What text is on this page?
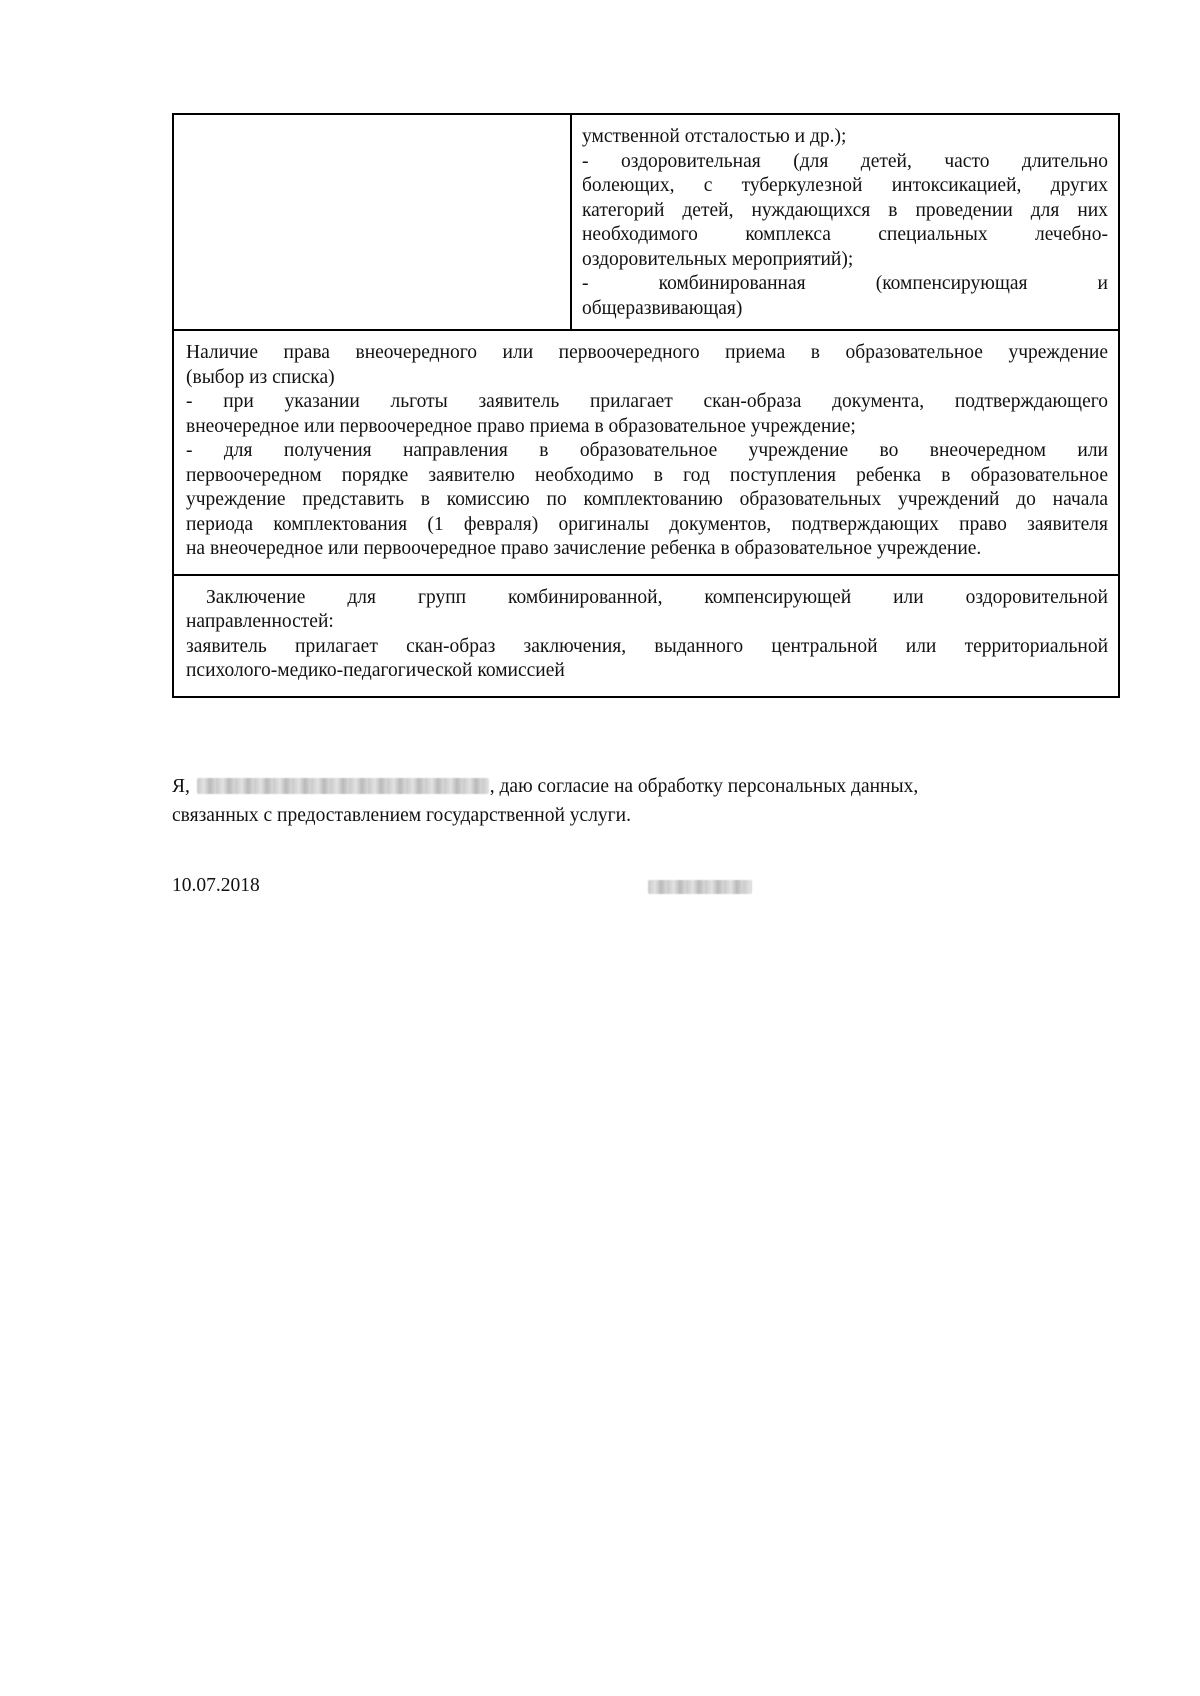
умственной отсталостью и др.);
- оздоровительная (для детей, часто длительно
болеющих, с туберкулезной интоксикацией, других
категорий детей, нуждающихся в проведении для них
необходимого комплекса специальных лечебно-
оздоровительных мероприятий);
- комбинированная (компенсирующая и
общеразвивающая)
Наличие права внеочередного или первоочередного приема в образовательное учреждение
(выбор из списка)
- при указании льготы заявитель прилагает скан-образа документа, подтверждающего
внеочередное или первоочередное право приема в образовательное учреждение;
- для получения направления в образовательное учреждение во внеочередном или
первоочередном порядке заявителю необходимо в год поступления ребенка в образовательное
учреждение представить в комиссию по комплектованию образовательных учреждений до начала
периода комплектования (1 февраля) оригиналы документов, подтверждающих право заявителя
на внеочередное или первоочередное право зачисление ребенка в образовательное учреждение.
Заключение для групп комбинированной, компенсирующей или оздоровительной
направленностей:
заявитель прилагает скан-образ заключения, выданного центральной или территориальной
психолого-медико-педагогической комиссией
Я,	, даю согласие на обработку персональных данных,
связанных с предоставлением государственной услуги.
10.07.2018
